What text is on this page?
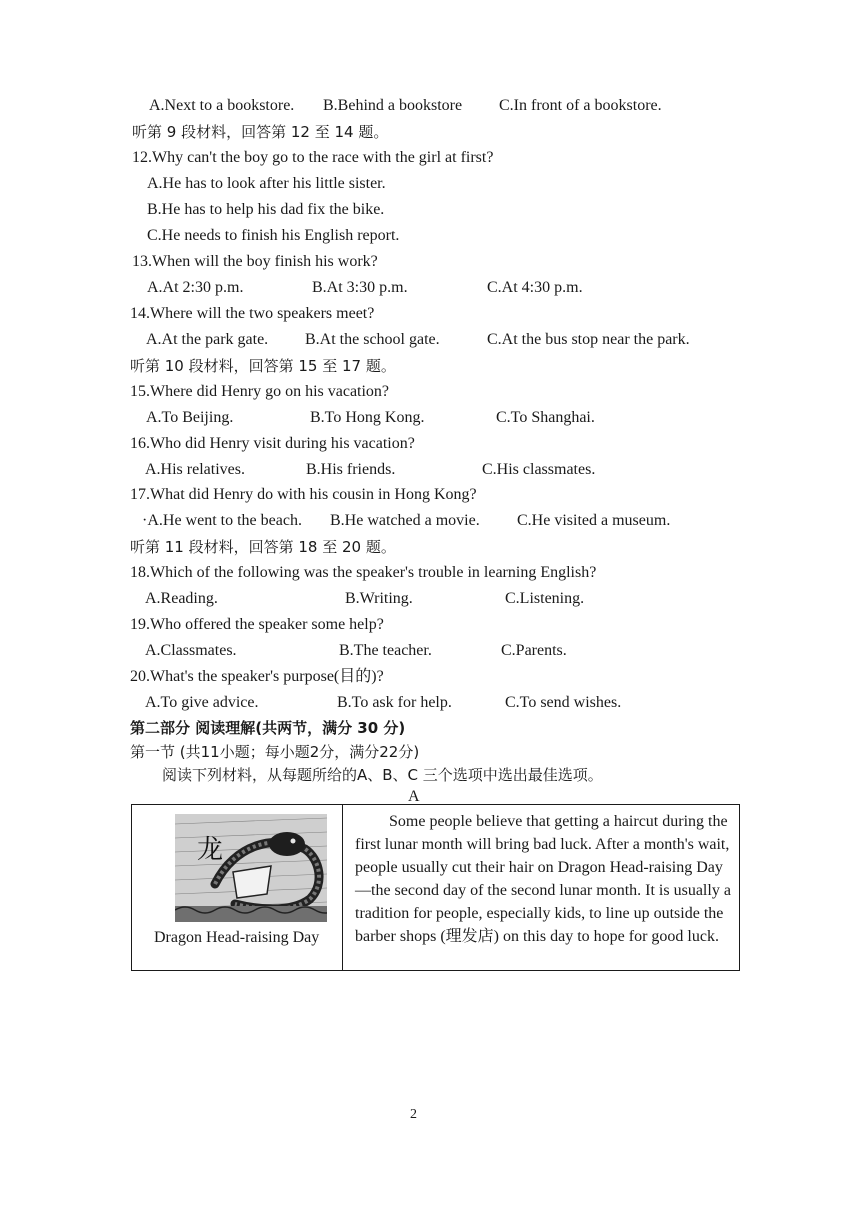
A.Next to a bookstore. B.Behind a bookstore C.In front of a bookstore.
听第 9 段材料，回答第 12 至 14 题。
12.Why can't the boy go to the race with the girl at first?
A.He has to look after his little sister.
B.He has to help his dad fix the bike.
C.He needs to finish his English report.
13.When will the boy finish his work?
A.At 2:30 p.m.	B.At 3:30 p.m.	C.At 4:30 p.m.
14.Where will the two speakers meet?
A.At the park gate. B.At the school gate.	C.At the bus stop near the park.
听第 10 段材料，回答第 15 至 17 题。
15.Where did Henry go on his vacation?
A.To Beijing.	B.To Hong Kong.	C.To Shanghai.
16.Who did Henry visit during his vacation?
A.His relatives.	B.His friends.	C.His classmates.
17.What did Henry do with his cousin in Hong Kong?
·A.He went to the beach. B.He watched a movie. C.He visited a museum.
听第 11 段材料，回答第 18 至 20 题。
18.Which of the following was the speaker's trouble in learning English?
A.Reading.	B.Writing.	C.Listening.
19.Who offered the speaker some help?
A.Classmates.	B.The teacher.	C.Parents.
20.What's the speaker's purpose(目的)?
A.To give advice.	B.To ask for help.	C.To send wishes.
第二部分 阅读理解(共两节，满分 30 分)
第一节 (共11小题；每小题2分，满分22分)
阅读下列材料，从每题所给的A、B、C 三个选项中选出最佳选项。
A
龙
Dragon Head-raising Day

Some people believe that getting a haircut during the first lunar month will bring bad luck. After a month's wait, people usually cut their hair on Dragon Head-raising Day—the second day of the second lunar month. It is usually a tradition for people, especially kids, to line up outside the barber shops (理发店) on this day to hope for good luck.

2
